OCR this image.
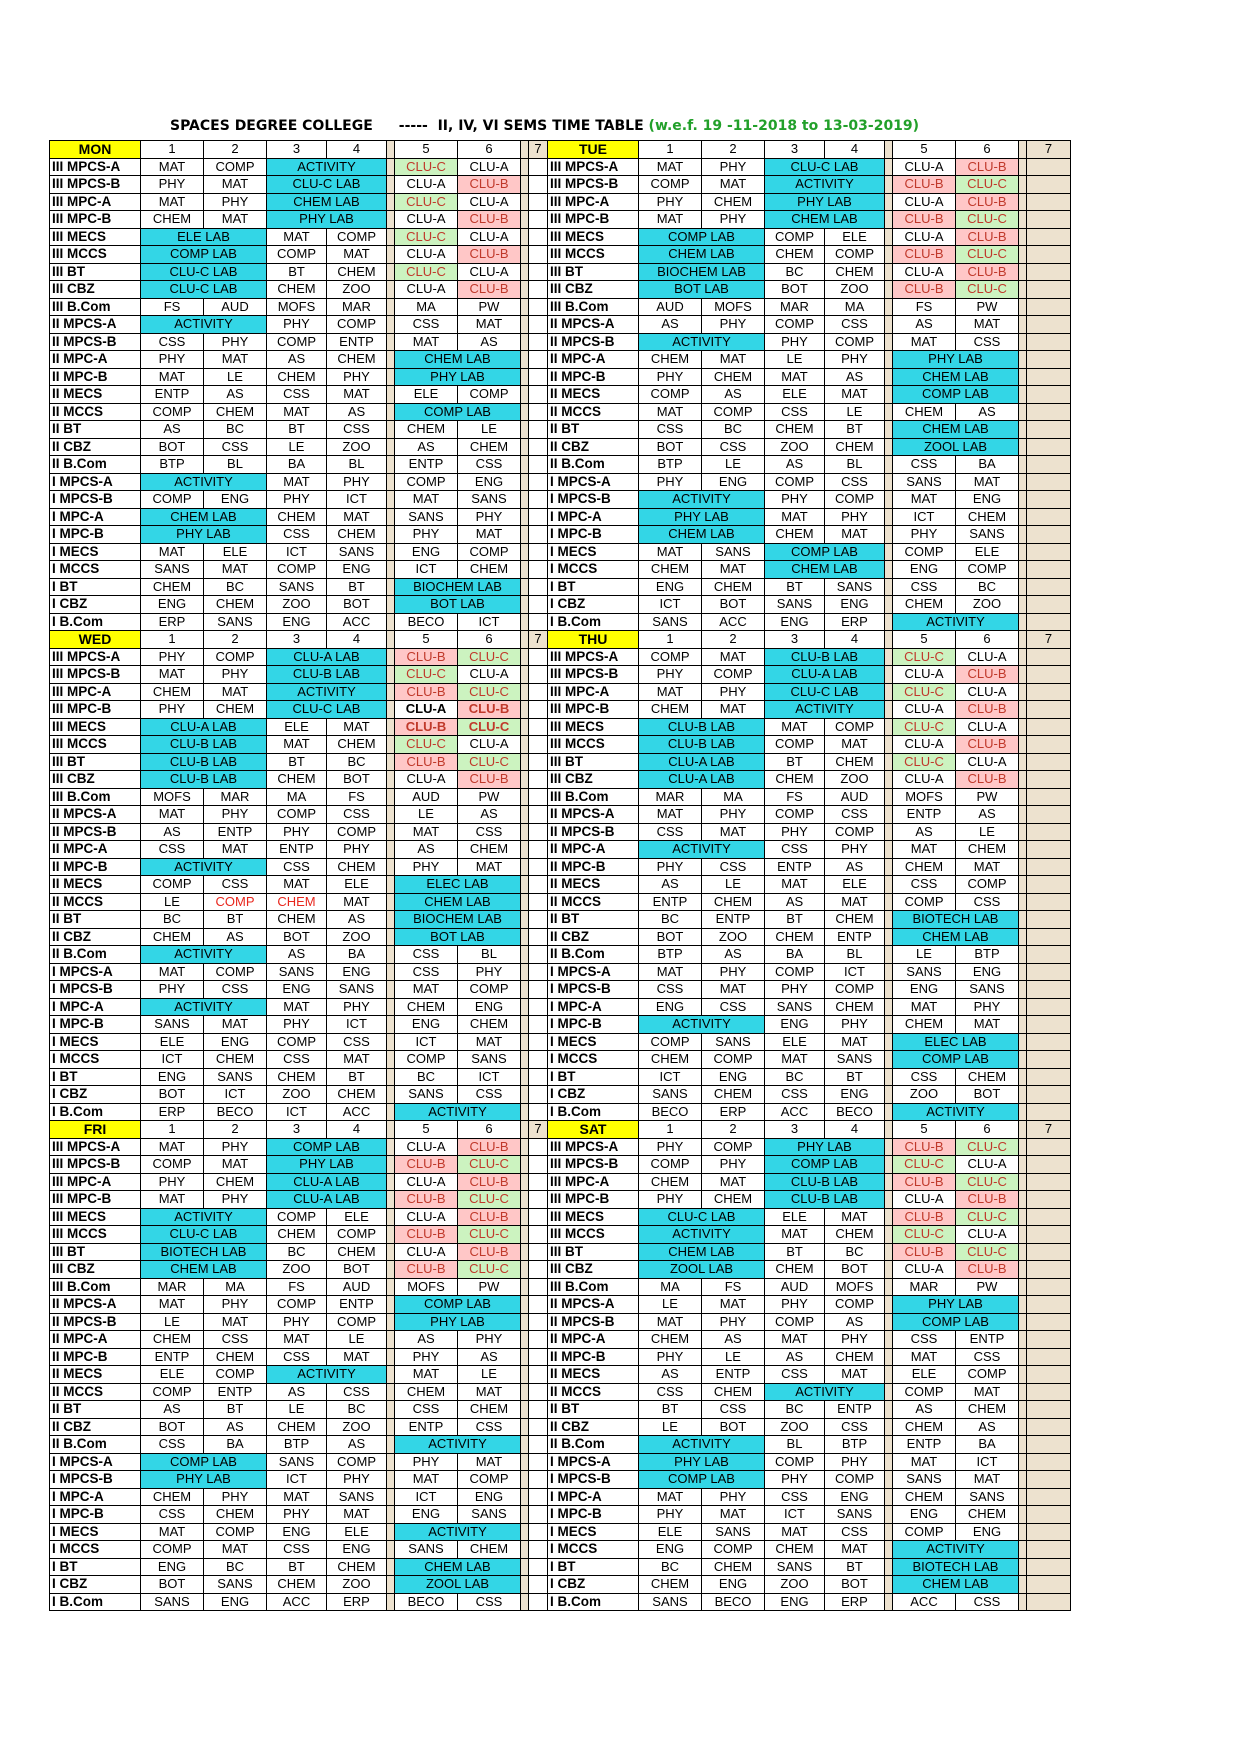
SPACES DEGREE COLLEGE ----- II, IV, VI SEMS TIME TABLE (w.e.f. 19 -11-2018 to 13-03-2019)
MON	1	2	3	4		5	6		7	TUE	1	2	3	4		5	6		7
III MPCS-A	MAT	COMP	ACTIVITY			CLU-C	CLU-A			III MPCS-A	MAT	PHY	CLU-C LAB			CLU-A	CLU-B		
III MPCS-B	PHY	MAT	CLU-C LAB			CLU-A	CLU-B			III MPCS-B	COMP	MAT	ACTIVITY			CLU-B	CLU-C		
III MPC-A	MAT	PHY	CHEM LAB			CLU-C	CLU-A			III MPC-A	PHY	CHEM	PHY LAB			CLU-A	CLU-B		
III MPC-B	CHEM	MAT	PHY LAB			CLU-A	CLU-B			III MPC-B	MAT	PHY	CHEM LAB			CLU-B	CLU-C		
III MECS	ELE LAB		MAT	COMP		CLU-C	CLU-A			III MECS	COMP LAB		COMP	ELE		CLU-A	CLU-B		
III MCCS	COMP LAB		COMP	MAT		CLU-A	CLU-B			III MCCS	CHEM LAB		CHEM	COMP		CLU-B	CLU-C		
III BT	CLU-C LAB		BT	CHEM		CLU-C	CLU-A			III BT	BIOCHEM LAB		BC	CHEM		CLU-A	CLU-B		
III CBZ	CLU-C LAB		CHEM	ZOO		CLU-A	CLU-B			III CBZ	BOT LAB		BOT	ZOO		CLU-B	CLU-C		
III B.Com	FS	AUD	MOFS	MAR		MA	PW			III B.Com	AUD	MOFS	MAR	MA		FS	PW		
II MPCS-A	ACTIVITY		PHY	COMP		CSS	MAT			II MPCS-A	AS	PHY	COMP	CSS		AS	MAT		
II MPCS-B	CSS	PHY	COMP	ENTP		MAT	AS			II MPCS-B	ACTIVITY		PHY	COMP		MAT	CSS		
II MPC-A	PHY	MAT	AS	CHEM		CHEM LAB				II MPC-A	CHEM	MAT	LE	PHY		PHY LAB			
II MPC-B	MAT	LE	CHEM	PHY		PHY LAB				II MPC-B	PHY	CHEM	MAT	AS		CHEM LAB			
II MECS	ENTP	AS	CSS	MAT		ELE	COMP			II MECS	COMP	AS	ELE	MAT		COMP LAB			
II MCCS	COMP	CHEM	MAT	AS		COMP LAB				II MCCS	MAT	COMP	CSS	LE		CHEM	AS		
II BT	AS	BC	BT	CSS		CHEM	LE			II BT	CSS	BC	CHEM	BT		CHEM LAB			
II CBZ	BOT	CSS	LE	ZOO		AS	CHEM			II CBZ	BOT	CSS	ZOO	CHEM		ZOOL LAB			
II B.Com	BTP	BL	BA	BL		ENTP	CSS			II B.Com	BTP	LE	AS	BL		CSS	BA		
I MPCS-A	ACTIVITY		MAT	PHY		COMP	ENG			I MPCS-A	PHY	ENG	COMP	CSS		SANS	MAT		
I MPCS-B	COMP	ENG	PHY	ICT		MAT	SANS			I MPCS-B	ACTIVITY		PHY	COMP		MAT	ENG		
I MPC-A	CHEM LAB		CHEM	MAT		SANS	PHY			I MPC-A	PHY LAB		MAT	PHY		ICT	CHEM		
I MPC-B	PHY LAB		CSS	CHEM		PHY	MAT			I MPC-B	CHEM LAB		CHEM	MAT		PHY	SANS		
I MECS	MAT	ELE	ICT	SANS		ENG	COMP			I MECS	MAT	SANS	COMP LAB			COMP	ELE		
I MCCS	SANS	MAT	COMP	ENG		ICT	CHEM			I MCCS	CHEM	MAT	CHEM LAB			ENG	COMP		
I BT	CHEM	BC	SANS	BT		BIOCHEM LAB				I BT	ENG	CHEM	BT	SANS		CSS	BC		
I CBZ	ENG	CHEM	ZOO	BOT		BOT LAB				I CBZ	ICT	BOT	SANS	ENG		CHEM	ZOO		
I B.Com	ERP	SANS	ENG	ACC		BECO	ICT			I B.Com	SANS	ACC	ENG	ERP		ACTIVITY			
WED	1	2	3	4		5	6		7	THU	1	2	3	4		5	6		7
III MPCS-A	PHY	COMP	CLU-A LAB			CLU-B	CLU-C			III MPCS-A	COMP	MAT	CLU-B LAB			CLU-C	CLU-A		
III MPCS-B	MAT	PHY	CLU-B LAB			CLU-C	CLU-A			III MPCS-B	PHY	COMP	CLU-A LAB			CLU-A	CLU-B		
III MPC-A	CHEM	MAT	ACTIVITY			CLU-B	CLU-C			III MPC-A	MAT	PHY	CLU-C LAB			CLU-C	CLU-A		
III MPC-B	PHY	CHEM	CLU-C LAB			CLU-A	CLU-B			III MPC-B	CHEM	MAT	ACTIVITY			CLU-A	CLU-B		
III MECS	CLU-A LAB		ELE	MAT		CLU-B	CLU-C			III MECS	CLU-B LAB		MAT	COMP		CLU-C	CLU-A		
III MCCS	CLU-B LAB		MAT	CHEM		CLU-C	CLU-A			III MCCS	CLU-B LAB		COMP	MAT		CLU-A	CLU-B		
III BT	CLU-B LAB		BT	BC		CLU-B	CLU-C			III BT	CLU-A LAB		BT	CHEM		CLU-C	CLU-A		
III CBZ	CLU-B LAB		CHEM	BOT		CLU-A	CLU-B			III CBZ	CLU-A LAB		CHEM	ZOO		CLU-A	CLU-B		
III B.Com	MOFS	MAR	MA	FS		AUD	PW			III B.Com	MAR	MA	FS	AUD		MOFS	PW		
II MPCS-A	MAT	PHY	COMP	CSS		LE	AS			II MPCS-A	MAT	PHY	COMP	CSS		ENTP	AS		
II MPCS-B	AS	ENTP	PHY	COMP		MAT	CSS			II MPCS-B	CSS	MAT	PHY	COMP		AS	LE		
II MPC-A	CSS	MAT	ENTP	PHY		AS	CHEM			II MPC-A	ACTIVITY		CSS	PHY		MAT	CHEM		
II MPC-B	ACTIVITY		CSS	CHEM		PHY	MAT			II MPC-B	PHY	CSS	ENTP	AS		CHEM	MAT		
II MECS	COMP	CSS	MAT	ELE		ELEC LAB				II MECS	AS	LE	MAT	ELE		CSS	COMP		
II MCCS	LE	COMP	CHEM	MAT		CHEM LAB				II MCCS	ENTP	CHEM	AS	MAT		COMP	CSS		
II BT	BC	BT	CHEM	AS		BIOCHEM LAB				II BT	BC	ENTP	BT	CHEM		BIOTECH LAB			
II CBZ	CHEM	AS	BOT	ZOO		BOT LAB				II CBZ	BOT	ZOO	CHEM	ENTP		CHEM LAB			
II B.Com	ACTIVITY		AS	BA		CSS	BL			II B.Com	BTP	AS	BA	BL		LE	BTP		
I MPCS-A	MAT	COMP	SANS	ENG		CSS	PHY			I MPCS-A	MAT	PHY	COMP	ICT		SANS	ENG		
I MPCS-B	PHY	CSS	ENG	SANS		MAT	COMP			I MPCS-B	CSS	MAT	PHY	COMP		ENG	SANS		
I MPC-A	ACTIVITY		MAT	PHY		CHEM	ENG			I MPC-A	ENG	CSS	SANS	CHEM		MAT	PHY		
I MPC-B	SANS	MAT	PHY	ICT		ENG	CHEM			I MPC-B	ACTIVITY		ENG	PHY		CHEM	MAT		
I MECS	ELE	ENG	COMP	CSS		ICT	MAT			I MECS	COMP	SANS	ELE	MAT		ELEC LAB			
I MCCS	ICT	CHEM	CSS	MAT		COMP	SANS			I MCCS	CHEM	COMP	MAT	SANS		COMP LAB			
I BT	ENG	SANS	CHEM	BT		BC	ICT			I BT	ICT	ENG	BC	BT		CSS	CHEM		
I CBZ	BOT	ICT	ZOO	CHEM		SANS	CSS			I CBZ	SANS	CHEM	CSS	ENG		ZOO	BOT		
I B.Com	ERP	BECO	ICT	ACC		ACTIVITY				I B.Com	BECO	ERP	ACC	BECO		ACTIVITY			
FRI	1	2	3	4		5	6		7	SAT	1	2	3	4		5	6		7
III MPCS-A	MAT	PHY	COMP LAB			CLU-A	CLU-B			III MPCS-A	PHY	COMP	PHY LAB			CLU-B	CLU-C		
III MPCS-B	COMP	MAT	PHY LAB			CLU-B	CLU-C			III MPCS-B	COMP	PHY	COMP LAB			CLU-C	CLU-A		
III MPC-A	PHY	CHEM	CLU-A LAB			CLU-A	CLU-B			III MPC-A	CHEM	MAT	CLU-B LAB			CLU-B	CLU-C		
III MPC-B	MAT	PHY	CLU-A LAB			CLU-B	CLU-C			III MPC-B	PHY	CHEM	CLU-B LAB			CLU-A	CLU-B		
III MECS	ACTIVITY		COMP	ELE		CLU-A	CLU-B			III MECS	CLU-C LAB		ELE	MAT		CLU-B	CLU-C		
III MCCS	CLU-C LAB		CHEM	COMP		CLU-B	CLU-C			III MCCS	ACTIVITY		MAT	CHEM		CLU-C	CLU-A		
III BT	BIOTECH LAB		BC	CHEM		CLU-A	CLU-B			III BT	CHEM LAB		BT	BC		CLU-B	CLU-C		
III CBZ	CHEM LAB		ZOO	BOT		CLU-B	CLU-C			III CBZ	ZOOL LAB		CHEM	BOT		CLU-A	CLU-B		
III B.Com	MAR	MA	FS	AUD		MOFS	PW			III B.Com	MA	FS	AUD	MOFS		MAR	PW		
II MPCS-A	MAT	PHY	COMP	ENTP		COMP LAB				II MPCS-A	LE	MAT	PHY	COMP		PHY LAB			
II MPCS-B	LE	MAT	PHY	COMP		PHY LAB				II MPCS-B	MAT	PHY	COMP	AS		COMP LAB			
II MPC-A	CHEM	CSS	MAT	LE		AS	PHY			II MPC-A	CHEM	AS	MAT	PHY		CSS	ENTP		
II MPC-B	ENTP	CHEM	CSS	MAT		PHY	AS			II MPC-B	PHY	LE	AS	CHEM		MAT	CSS		
II MECS	ELE	COMP	ACTIVITY			MAT	LE			II MECS	AS	ENTP	CSS	MAT		ELE	COMP		
II MCCS	COMP	ENTP	AS	CSS		CHEM	MAT			II MCCS	CSS	CHEM	ACTIVITY			COMP	MAT		
II BT	AS	BT	LE	BC		CSS	CHEM			II BT	BT	CSS	BC	ENTP		AS	CHEM		
II CBZ	BOT	AS	CHEM	ZOO		ENTP	CSS			II CBZ	LE	BOT	ZOO	CSS		CHEM	AS		
II B.Com	CSS	BA	BTP	AS		ACTIVITY				II B.Com	ACTIVITY		BL	BTP		ENTP	BA		
I MPCS-A	COMP LAB		SANS	COMP		PHY	MAT			I MPCS-A	PHY LAB		COMP	PHY		MAT	ICT		
I MPCS-B	PHY LAB		ICT	PHY		MAT	COMP			I MPCS-B	COMP LAB		PHY	COMP		SANS	MAT		
I MPC-A	CHEM	PHY	MAT	SANS		ICT	ENG			I MPC-A	MAT	PHY	CSS	ENG		CHEM	SANS		
I MPC-B	CSS	CHEM	PHY	MAT		ENG	SANS			I MPC-B	PHY	MAT	ICT	SANS		ENG	CHEM		
I MECS	MAT	COMP	ENG	ELE		ACTIVITY				I MECS	ELE	SANS	MAT	CSS		COMP	ENG		
I MCCS	COMP	MAT	CSS	ENG		SANS	CHEM			I MCCS	ENG	COMP	CHEM	MAT		ACTIVITY			
I BT	ENG	BC	BT	CHEM		CHEM LAB				I BT	BC	CHEM	SANS	BT		BIOTECH LAB			
I CBZ	BOT	SANS	CHEM	ZOO		ZOOL LAB				I CBZ	CHEM	ENG	ZOO	BOT		CHEM LAB			
I B.Com	SANS	ENG	ACC	ERP		BECO	CSS			I B.Com	SANS	BECO	ENG	ERP		ACC	CSS		
